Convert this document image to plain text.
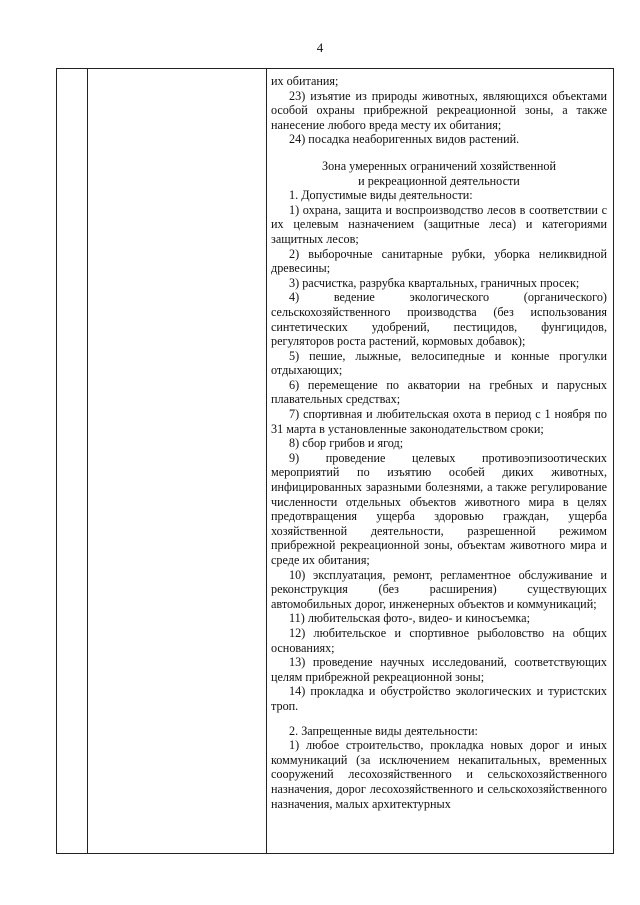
4

их обитания;

23) изъятие из природы животных, являющихся объектами особой охраны прибрежной рекреационной зоны, а также нанесение любого вреда месту их обитания;

24) посадка неаборигенных видов растений.

Зона умеренных ограничений хозяйственной
и рекреационной деятельности

1. Допустимые виды деятельности:

1) охрана, защита и воспроизводство лесов в соответствии с их целевым назначением (защитные леса) и категориями защитных лесов;

2) выборочные санитарные рубки, уборка неликвидной древесины;

3) расчистка, разрубка квартальных, граничных просек;

4) ведение экологического (органического) сельскохозяйственного производства (без использования синтетических удобрений, пестицидов, фунгицидов, регуляторов роста растений, кормовых добавок);

5) пешие, лыжные, велосипедные и конные прогулки отдыхающих;

6) перемещение по акватории на гребных и парусных плавательных средствах;

7) спортивная и любительская охота в период с 1 ноября по 31 марта в установленные законодательством сроки;

8) сбор грибов и ягод;

9) проведение целевых противоэпизоотических мероприятий по изъятию особей диких животных, инфицированных заразными болезнями, а также регулирование численности отдельных объектов животного мира в целях предотвращения ущерба здоровью граждан, ущерба хозяйственной деятельности, разрешенной режимом прибрежной рекреационной зоны, объектам животного мира и среде их обитания;

10) эксплуатация, ремонт, регламентное обслуживание и реконструкция (без расширения) существующих автомобильных дорог, инженерных объектов и коммуникаций;

11) любительская фото-, видео- и киносъемка;

12) любительское и спортивное рыболовство на общих основаниях;

13) проведение научных исследований, соответствующих целям прибрежной рекреационной зоны;

14) прокладка и обустройство экологических и туристских троп.

2. Запрещенные виды деятельности:

1) любое строительство, прокладка новых дорог и иных коммуникаций (за исключением некапитальных, временных сооружений лесохозяйственного и сельскохозяйственного назначения, дорог лесохозяйственного и сельскохозяйственного назначения, малых архитектурных
